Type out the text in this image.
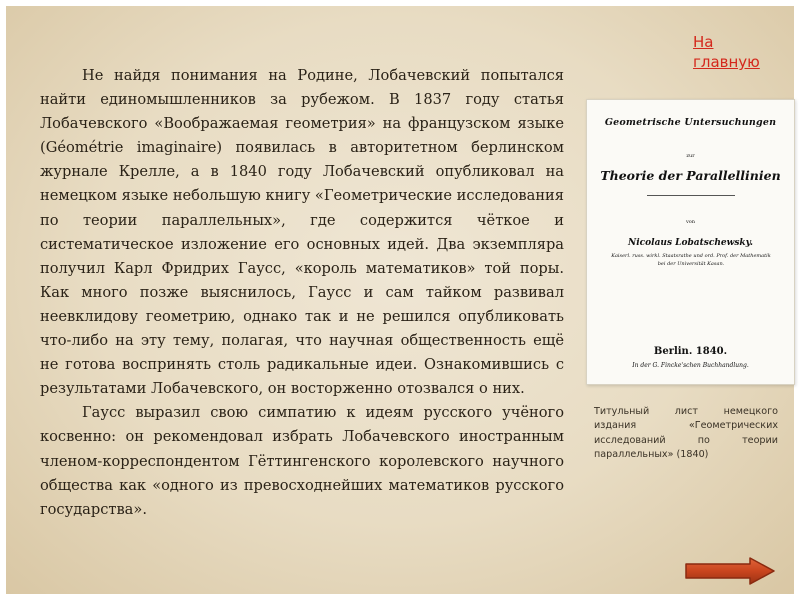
Не найдя понимания на Родине, Лобачевский попытался найти единомышленников за рубежом. В 1837 году статья Лобачевского «Воображаемая геометрия» на французском языке (Géométrie imaginaire) появилась в авторитетном берлинском журнале Крелле, а в 1840 году Лобачевский опубликовал на немецком языке небольшую книгу «Геометрические исследования по теории параллельных», где содержится чёткое и систематическое изложение его основных идей. Два экземпляра получил Карл Фридрих Гаусс, «король математиков» той поры. Как много позже выяснилось, Гаусс и сам тайком развивал неевклидову геометрию, однако так и не решился опубликовать что-либо на эту тему, полагая, что научная общественность ещё не готова воспринять столь радикальные идеи. Ознакомившись с результатами Лобачевского, он восторженно отозвался о них.

Гаусс выразил свою симпатию к идеям русского учёного косвенно: он рекомендовал избрать Лобачевского иностранным членом-корреспондентом Гёттингенского королевского научного общества как «одного из превосходнейших математиков русского государства».

На главную
Geometrische Untersuchungen
zur
Theorie der Parallellinien
von
Nicolaus Lobatschewsky.
Kaiserl. russ. wirkl. Staatsrathe und ord. Prof. der Mathematik
bei der Universität Kasan.
Berlin. 1840.
In der G. Fincke'schen Buchhandlung.
Титульный лист немецкого издания «Геометрических исследований по теории параллельных» (1840)
